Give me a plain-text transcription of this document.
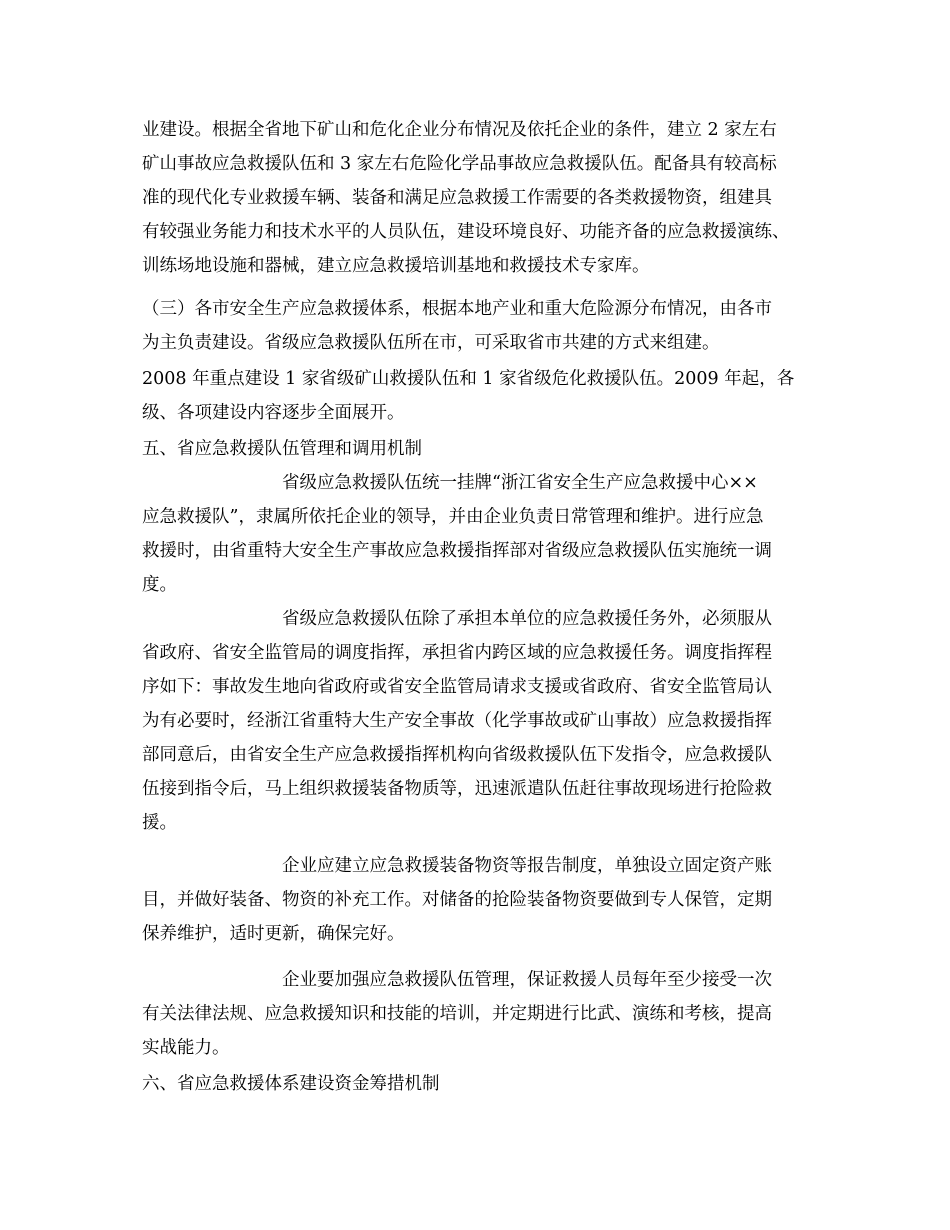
业建设。根据全省地下矿山和危化企业分布情况及依托企业的条件，建立 2 家左右
矿山事故应急救援队伍和 3 家左右危险化学品事故应急救援队伍。配备具有较高标
准的现代化专业救援车辆、装备和满足应急救援工作需要的各类救援物资，组建具
有较强业务能力和技术水平的人员队伍，建设环境良好、功能齐备的应急救援演练、
训练场地设施和器械，建立应急救援培训基地和救援技术专家库。
（三）各市安全生产应急救援体系，根据本地产业和重大危险源分布情况，由各市
为主负责建设。省级应急救援队伍所在市，可采取省市共建的方式来组建。
2008 年重点建设 1 家省级矿山救援队伍和 1 家省级危化救援队伍。2009 年起，各
级、各项建设内容逐步全面展开。
五、省应急救援队伍管理和调用机制
省级应急救援队伍统一挂牌“浙江省安全生产应急救援中心××
应急救援队”，隶属所依托企业的领导，并由企业负责日常管理和维护。进行应急
救援时，由省重特大安全生产事故应急救援指挥部对省级应急救援队伍实施统一调
度。
省级应急救援队伍除了承担本单位的应急救援任务外，必须服从
省政府、省安全监管局的调度指挥，承担省内跨区域的应急救援任务。调度指挥程
序如下：事故发生地向省政府或省安全监管局请求支援或省政府、省安全监管局认
为有必要时，经浙江省重特大生产安全事故（化学事故或矿山事故）应急救援指挥
部同意后，由省安全生产应急救援指挥机构向省级救援队伍下发指令，应急救援队
伍接到指令后，马上组织救援装备物质等，迅速派遣队伍赶往事故现场进行抢险救
援。
企业应建立应急救援装备物资等报告制度，单独设立固定资产账
目，并做好装备、物资的补充工作。对储备的抢险装备物资要做到专人保管，定期
保养维护，适时更新，确保完好。
企业要加强应急救援队伍管理，保证救援人员每年至少接受一次
有关法律法规、应急救援知识和技能的培训，并定期进行比武、演练和考核，提高
实战能力。
六、省应急救援体系建设资金筹措机制
